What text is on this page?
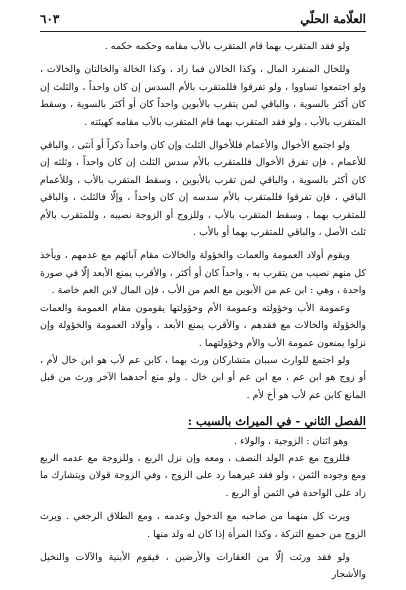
العلّامة الحلّي
٦٠٣

ولو فقد المتقرب بهما قام المتقرب بالأب مقامه وحكمه حكمه .

وللخال المنفرد المال ، وكذا الخالان فما زاد ، وكذا الخالة والخالتان والخالات ، ولو اجتمعوا تساووا ، ولو تفرقوا فللمتقرب بالأم السدس إن كان واحداً ، والثلث إن كان أكثر بالسوية ، والباقي لمن يتقرب بالأبوين واحداً كان أو أكثر بالسوية ، وسقط المتقرب بالأب ، ولو فقد المتقرب بهما قام المتقرب بالأب مقامه كهيئته .

ولو اجتمع الأخوال والأعمام فللأخوال الثلث وإن كان واحداً ذكراً أو أنثى ، والباقي للأعمام ، فإن تفرق الأخوال فللمتقرب بالأم سدس الثلث إن كان واحداً ، وثلثه إن كان أكثر بالسوية ، والباقي لمن تقرب بالأبوين ، وسقط المتقرب بالأب ، وللأعمام الباقي ، فإن تفرقوا فللمتقرب بالأم سدسه إن كان واحداً ، وإلّا فالثلث ، والباقي للمتقرب بهما ، وسقط المتقرب بالأب ، وللزوج أو الزوجة نصيبه ، وللمتقرب بالأم ثلث الأصل ، والباقي للمتقرب بهما أو بالأب .

ويقوم أولاد العمومة والعمات والخؤولة والخالات مقام آبائهم مع عدمهم ، ويأخذ كل منهم نصيب من يتقرب به ، واحداً كان أو أكثر ، والأقرب يمنع الأبعد إلّا في صورة واحدة ، وهي : ابن عم من الأبوين مع العم من الأب ، فإن المال لابن العم خاصة .

وعمومة الأب وخؤولته وعمومة الأم وخؤولتها يقومون مقام العمومة والعمات والخؤولة والخالات مع فقدهم ، والأقرب يمنع الأبعد ، وأولاد العمومة والخؤولة وإن نزلوا يمنعون عمومة الأب والأم وخؤولتهما .

ولو اجتمع للوارث سببان متشاركان ورث بهما ، كابن عم لأب هو ابن خال لأم ، أو زوج هو ابن عم ، مع ابن عم أو ابن خال . ولو منع أحدهما الآخر ورث من قبل المانع كابن عم لأب هو أخ لأم .

الفصل الثاني - في الميراث بالسبب :

وهو اثنان : الزوجية ، والولاء .

فللزوج مع عدم الولد النصف ، ومعه وإن نزل الربع ، وللزوجة مع عدمه الربع ومع وجوده الثمن ، ولو فقد غيرهما رد على الزوج ، وفي الزوجة قولان ويتشارك ما زاد على الواحدة في الثمن أو الربع .

ويرث كل منهما من صاحبه مع الدخول وعدمه ، ومع الطلاق الرجعي . ويرث الزوج من جميع التركة ، وكذا المرأة إذا كان له ولد منها .

ولو فقد ورثت إلّا من العقارات والأرضين ، فيقوم الأبنية والآلات والنخيل والأشجار
